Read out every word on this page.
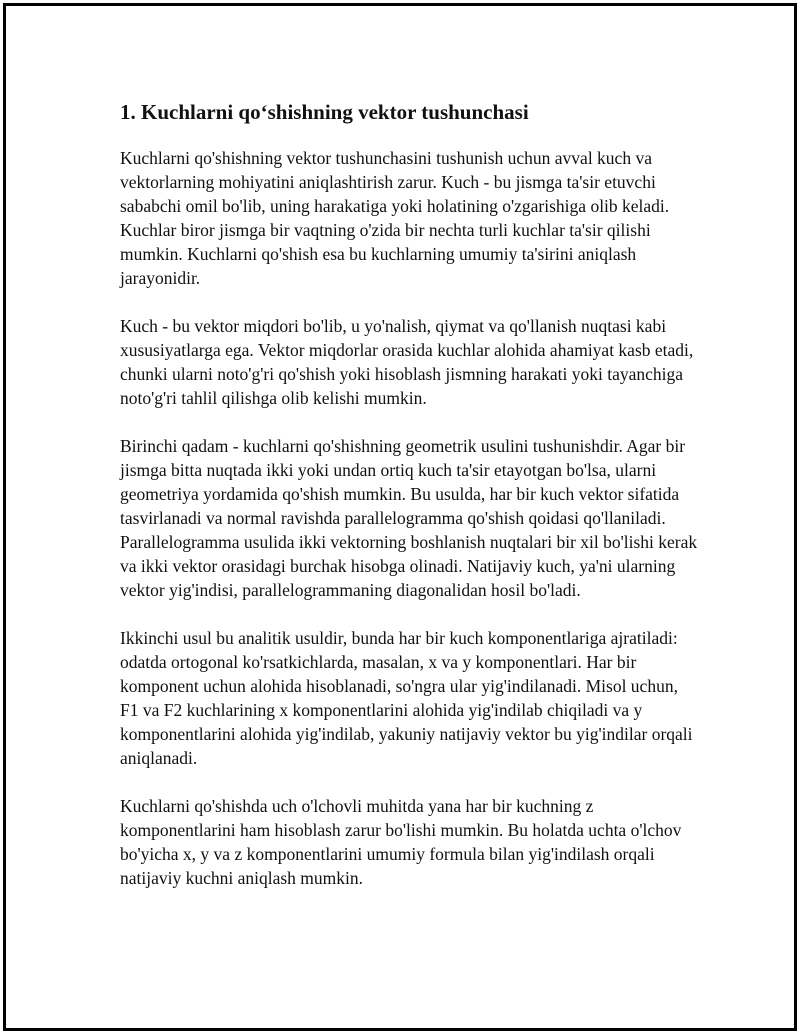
1. Kuchlarni qo‘shishning vektor tushunchasi

Kuchlarni qo'shishning vektor tushunchasini tushunish uchun avval kuch va vektorlarning mohiyatini aniqlashtirish zarur. Kuch - bu jismga ta'sir etuvchi sababchi omil bo'lib, uning harakatiga yoki holatining o'zgarishiga olib keladi. Kuchlar biror jismga bir vaqtning o'zida bir nechta turli kuchlar ta'sir qilishi mumkin. Kuchlarni qo'shish esa bu kuchlarning umumiy ta'sirini aniqlash jarayonidir.

Kuch - bu vektor miqdori bo'lib, u yo'nalish, qiymat va qo'llanish nuqtasi kabi xususiyatlarga ega. Vektor miqdorlar orasida kuchlar alohida ahamiyat kasb etadi, chunki ularni noto'g'ri qo'shish yoki hisoblash jismning harakati yoki tayanchiga noto'g'ri tahlil qilishga olib kelishi mumkin.

Birinchi qadam - kuchlarni qo'shishning geometrik usulini tushunishdir. Agar bir jismga bitta nuqtada ikki yoki undan ortiq kuch ta'sir etayotgan bo'lsa, ularni geometriya yordamida qo'shish mumkin. Bu usulda, har bir kuch vektor sifatida tasvirlanadi va normal ravishda parallelogramma qo'shish qoidasi qo'llaniladi. Parallelogramma usulida ikki vektorning boshlanish nuqtalari bir xil bo'lishi kerak va ikki vektor orasidagi burchak hisobga olinadi. Natijaviy kuch, ya'ni ularning vektor yig'indisi, parallelogrammaning diagonalidan hosil bo'ladi.

Ikkinchi usul bu analitik usuldir, bunda har bir kuch komponentlariga ajratiladi: odatda ortogonal ko'rsatkichlarda, masalan, x va y komponentlari. Har bir komponent uchun alohida hisoblanadi, so'ngra ular yig'indilanadi. Misol uchun, F1 va F2 kuchlarining x komponentlarini alohida yig'indilab chiqiladi va y komponentlarini alohida yig'indilab, yakuniy natijaviy vektor bu yig'indilar orqali aniqlanadi.

Kuchlarni qo'shishda uch o'lchovli muhitda yana har bir kuchning z komponentlarini ham hisoblash zarur bo'lishi mumkin. Bu holatda uchta o'lchov bo'yicha x, y va z komponentlarini umumiy formula bilan yig'indilash orqali natijaviy kuchni aniqlash mumkin.
